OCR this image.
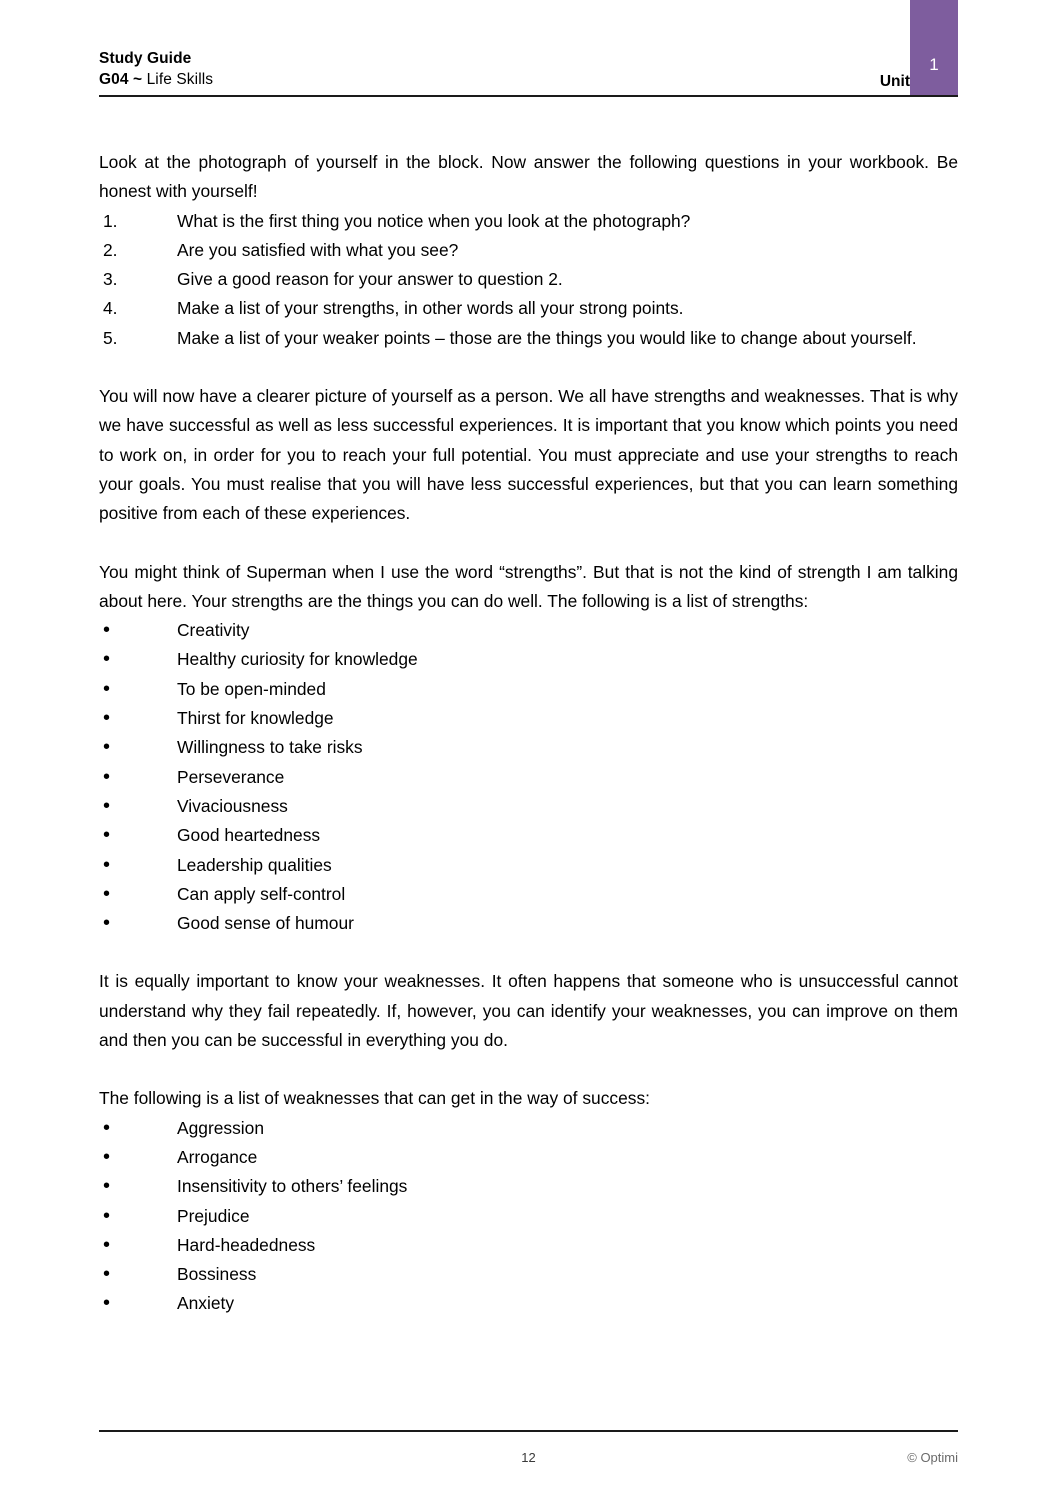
Study Guide
G04 ~ Life Skills	Unit
1

Look at the photograph of yourself in the block. Now answer the following questions in your workbook. Be honest with yourself!

1.	What is the first thing you notice when you look at the photograph?
2.	Are you satisfied with what you see?
3.	Give a good reason for your answer to question 2.
4.	Make a list of your strengths, in other words all your strong points.
5.	Make a list of your weaker points – those are the things you would like to change about yourself.

You will now have a clearer picture of yourself as a person. We all have strengths and weaknesses. That is why we have successful as well as less successful experiences. It is important that you know which points you need to work on, in order for you to reach your full potential. You must appreciate and use your strengths to reach your goals. You must realise that you will have less successful experiences, but that you can learn something positive from each of these experiences.

You might think of Superman when I use the word “strengths”. But that is not the kind of strength I am talking about here. Your strengths are the things you can do well. The following is a list of strengths:

•	Creativity
•	Healthy curiosity for knowledge
•	To be open-minded
•	Thirst for knowledge
•	Willingness to take risks
•	Perseverance
•	Vivaciousness
•	Good heartedness
•	Leadership qualities
•	Can apply self-control
•	Good sense of humour

It is equally important to know your weaknesses. It often happens that someone who is unsuccessful cannot understand why they fail repeatedly. If, however, you can identify your weaknesses, you can improve on them and then you can be successful in everything you do.

The following is a list of weaknesses that can get in the way of success:

•	Aggression
•	Arrogance
•	Insensitivity to others’ feelings
•	Prejudice
•	Hard-headedness
•	Bossiness
•	Anxiety
12	© Optimi
